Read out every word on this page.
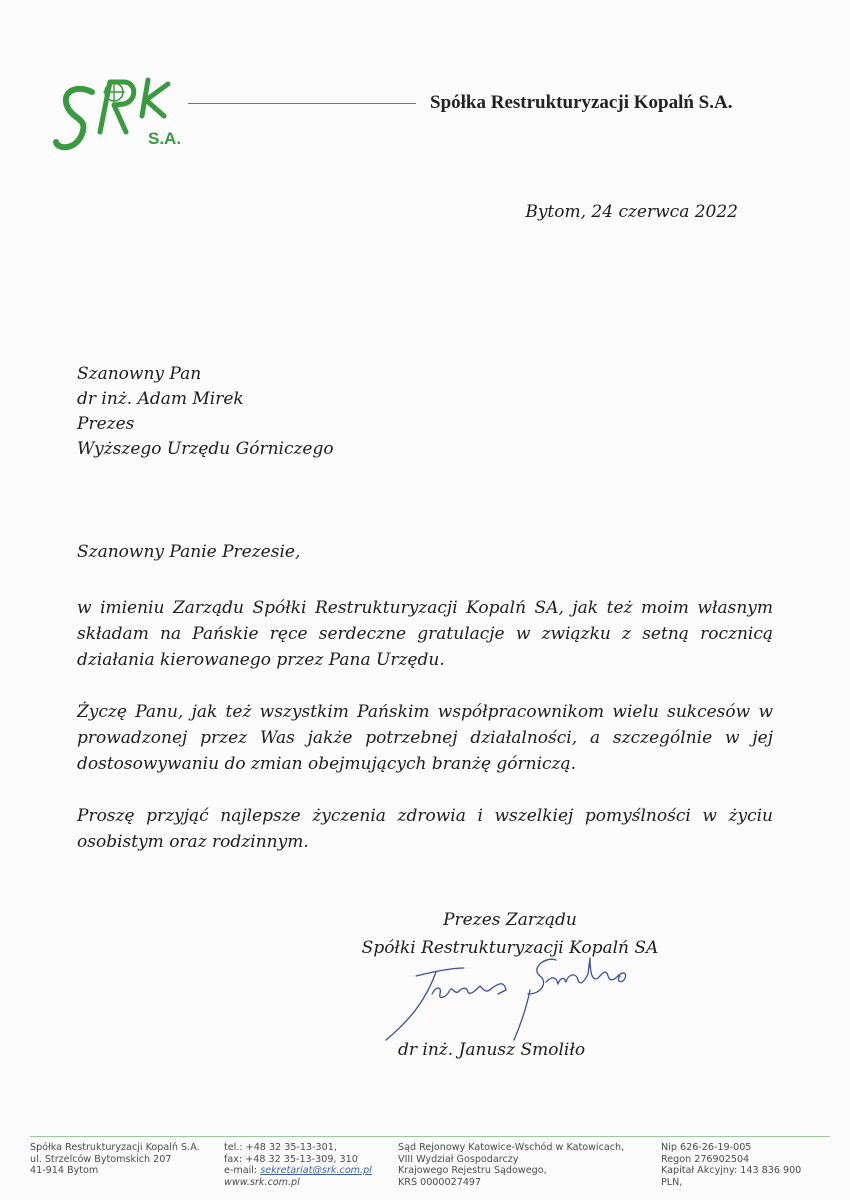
S.A.
Spółka Restrukturyzacji Kopalń S.A.
Bytom, 24 czerwca 2022
Szanowny Pan
dr inż. Adam Mirek
Prezes
Wyższego Urzędu Górniczego
Szanowny Panie Prezesie,
w imieniu Zarządu Spółki Restrukturyzacji Kopalń SA, jak też moim własnym składam na Pańskie ręce serdeczne gratulacje w związku z setną rocznicą działania kierowanego przez Pana Urzędu.
Życzę Panu, jak też wszystkim Pańskim współpracownikom wielu sukcesów w prowadzonej przez Was jakże potrzebnej działalności, a szczególnie w jej dostosowywaniu do zmian obejmujących branżę górniczą.
Proszę przyjąć najlepsze życzenia zdrowia i wszelkiej pomyślności w życiu osobistym oraz rodzinnym.
Prezes Zarządu
Spółki Restrukturyzacji Kopalń SA
dr inż. Janusz Smoliło
Spółka Restrukturyzacji Kopalń S.A.
ul. Strzelców Bytomskich 207
41-914 Bytom
tel.: +48 32 35-13-301,
fax: +48 32 35-13-309, 310
e-mail: sekretariat@srk.com.pl
www.srk.com.pl
Sąd Rejonowy Katowice-Wschód w Katowicach,
VIII Wydział Gospodarczy
Krajowego Rejestru Sądowego,
KRS 0000027497
Nip 626-26-19-005
Regon 276902504
Kapitał Akcyjny: 143 836 900
PLN,
